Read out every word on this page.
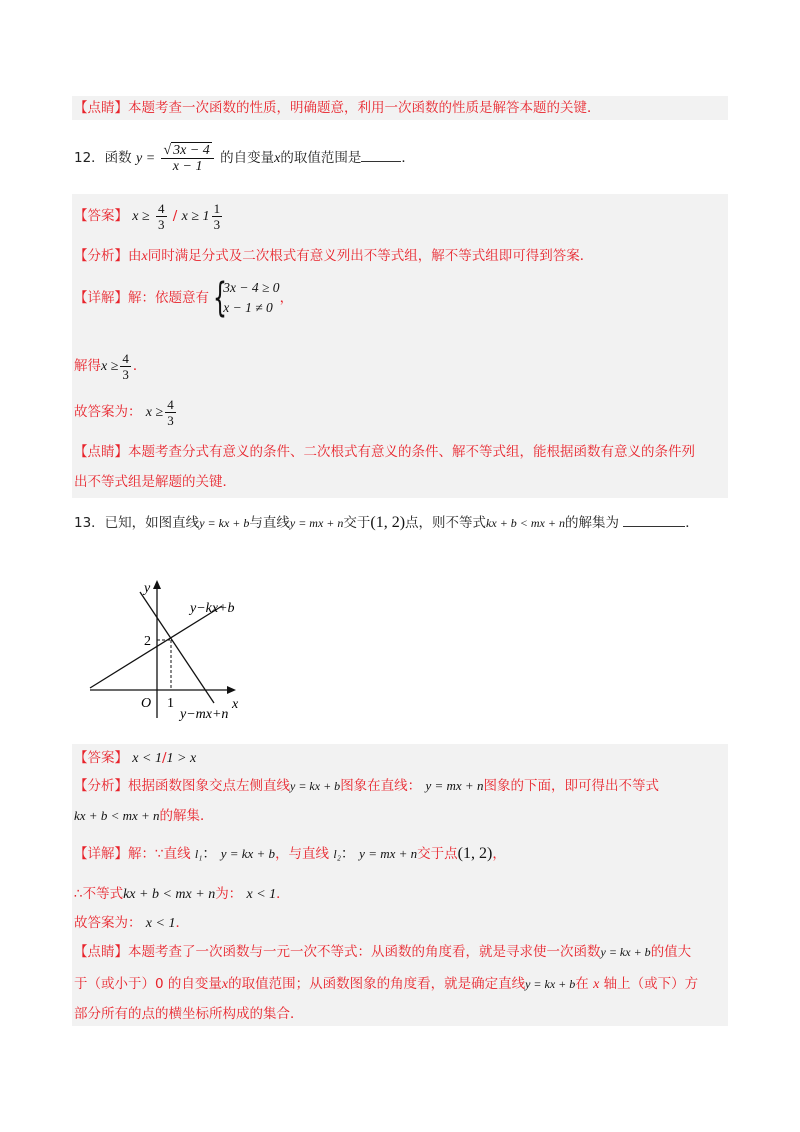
【点睛】本题考查一次函数的性质，明确题意，利用一次函数的性质是解答本题的关键．
12．函数 $y = \frac{√ 3x - 4}{x - 1}$ 的自变量x的取值范围是	．
【答案】 $x \ge \frac{4}{3} / x \ge 1 \frac{1}{3}$
【分析】由x同时满足分式及二次根式有意义列出不等式组，解不等式组即可得到答案．
【详解】解：依题意有 {
3x − 4 ≥ 0
x − 1 ≠ 0
，
解得$x \ge \frac{4}{3}$ ．
故答案为： $x \ge \frac{4}{3}$
【点睛】本题考查分式有意义的条件、二次根式有意义的条件、解不等式组，能根据函数有意义的条件列
出不等式组是解题的关键．
13．已知，如图直线y = kx + b与直线y = mx + n交于(1, 2)点，则不等式kx + b < mx + n的解集为	．
y
x
O 1
2
y−kx+b
y−mx+n
【答案】 x < 1/1 > x
【分析】根据函数图象交点左侧直线y = kx + b图象在直线： y = mx + n图象的下面，即可得出不等式
kx + b < mx + n的解集．
【详解】解：∵直线 l₁： y = kx + b，与直线 l₂： y = mx + n交于点(1, 2)，
∴不等式kx + b < mx + n为： x < 1．
故答案为： x < 1．
【点睛】本题考查了一次函数与一元一次不等式：从函数的角度看，就是寻求使一次函数y = kx + b的值大
于（或小于）0 的自变量x的取值范围；从函数图象的角度看，就是确定直线y = kx + b在 x 轴上（或下）方
部分所有的点的横坐标所构成的集合．
